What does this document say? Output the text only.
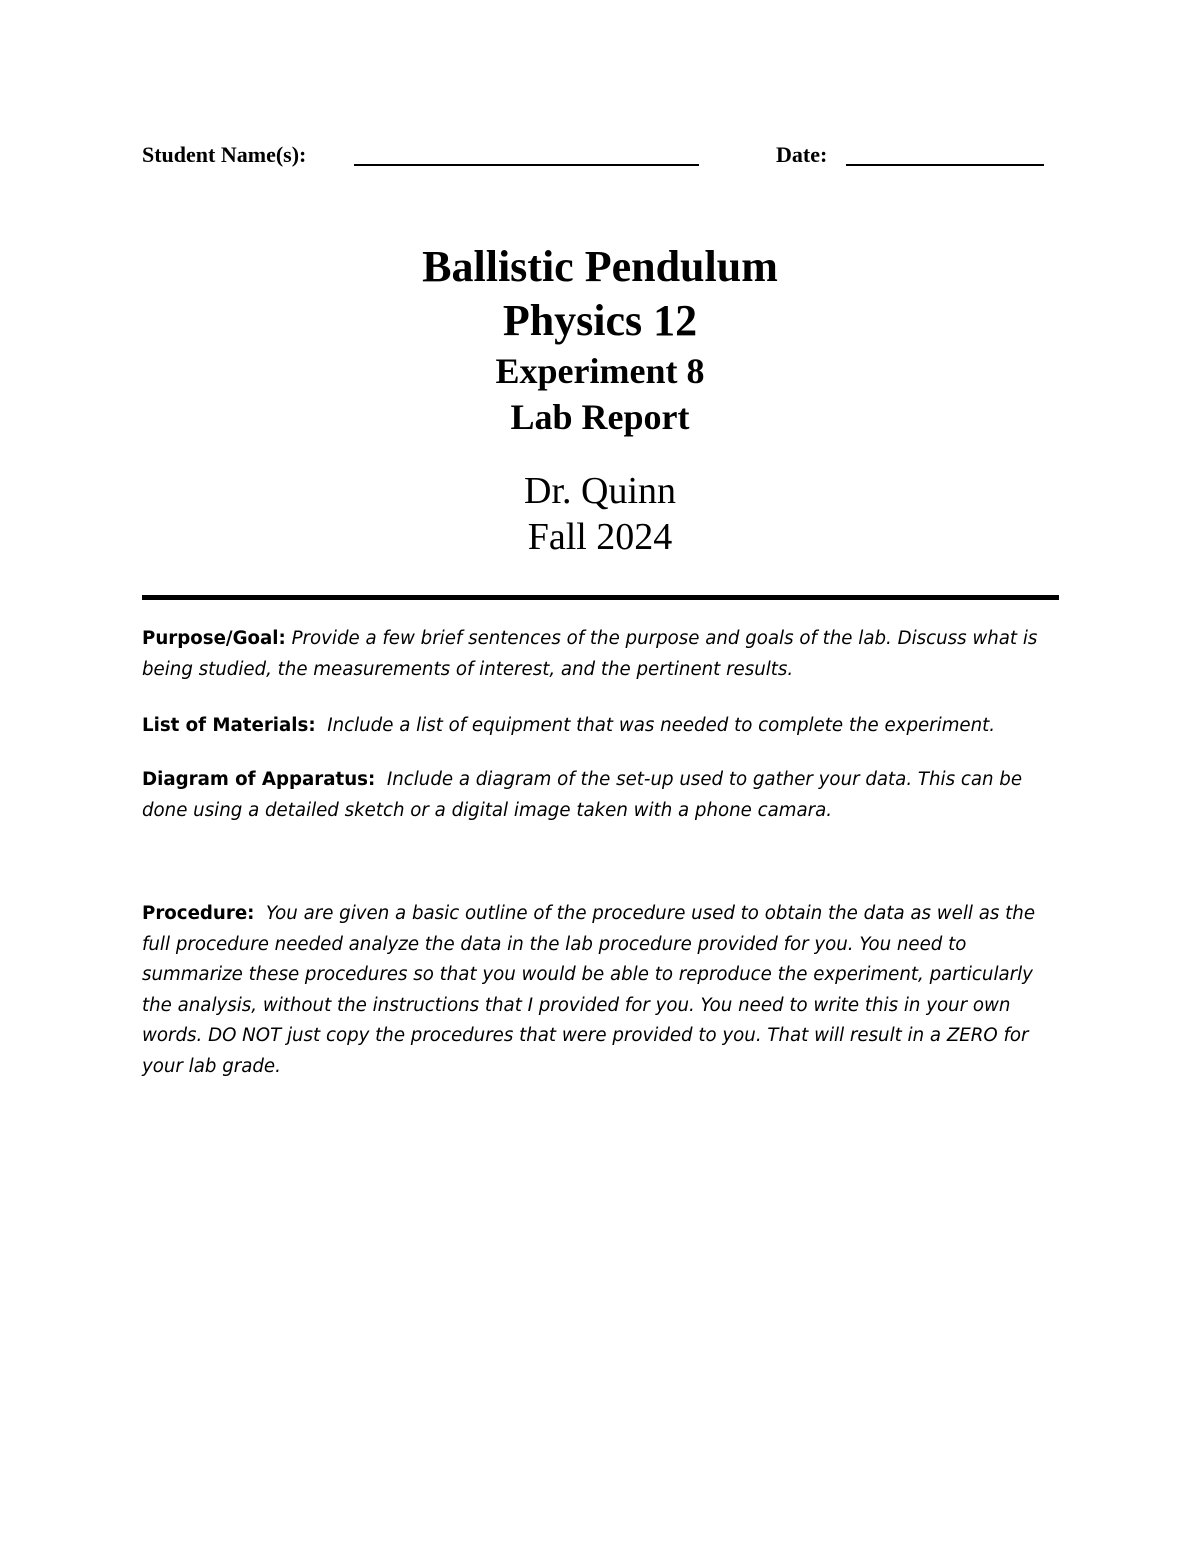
Student Name(s):	Date:
Ballistic Pendulum
Physics 12
Experiment 8
Lab Report
Dr. Quinn
Fall 2024
Purpose/Goal: Provide a few brief sentences of the purpose and goals of the lab. Discuss what is being studied, the measurements of interest, and the pertinent results.
List of Materials: Include a list of equipment that was needed to complete the experiment.
Diagram of Apparatus: Include a diagram of the set-up used to gather your data. This can be done using a detailed sketch or a digital image taken with a phone camara.
Procedure: You are given a basic outline of the procedure used to obtain the data as well as the full procedure needed analyze the data in the lab procedure provided for you. You need to summarize these procedures so that you would be able to reproduce the experiment, particularly the analysis, without the instructions that I provided for you. You need to write this in your own words. DO NOT just copy the procedures that were provided to you. That will result in a ZERO for your lab grade.
